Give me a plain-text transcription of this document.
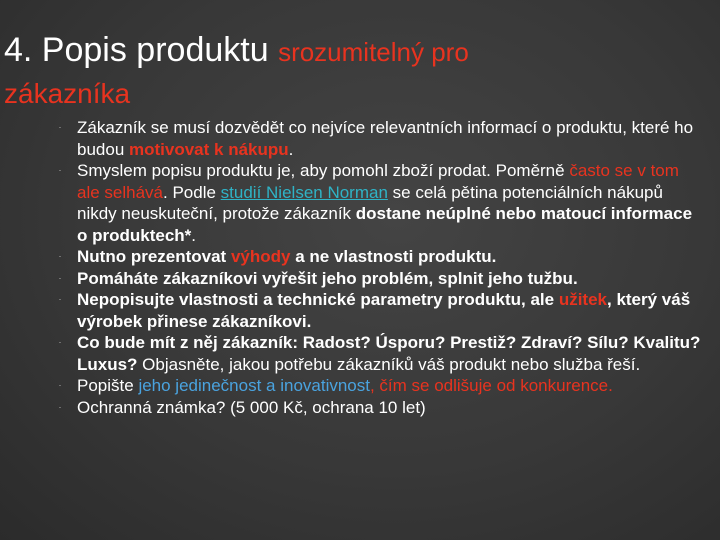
4. Popis produktu srozumitelný pro
zákazníka
· Zákazník se musí dozvědět co nejvíce relevantních informací o produktu, které ho budou motivovat k nákupu.
· Smyslem popisu produktu je, aby pomohl zboží prodat. Poměrně často se v tom ale selhává. Podle studií Nielsen Norman se celá pětina potenciálních nákupů nikdy neuskuteční, protože zákazník dostane neúplné nebo matoucí informace o produktech*.
· Nutno prezentovat výhody a ne vlastnosti produktu.
· Pomáháte zákazníkovi vyřešit jeho problém, splnit jeho tužbu.
· Nepopisujte vlastnosti a technické parametry produktu, ale užitek, který váš výrobek přinese zákazníkovi.
· Co bude mít z něj zákazník: Radost? Úsporu? Prestiž? Zdraví? Sílu? Kvalitu? Luxus? Objasněte, jakou potřebu zákazníků váš produkt nebo služba řeší.
· Popište jeho jedinečnost a inovativnost, čím se odlišuje od konkurence.
· Ochranná známka? (5 000 Kč, ochrana 10 let)
